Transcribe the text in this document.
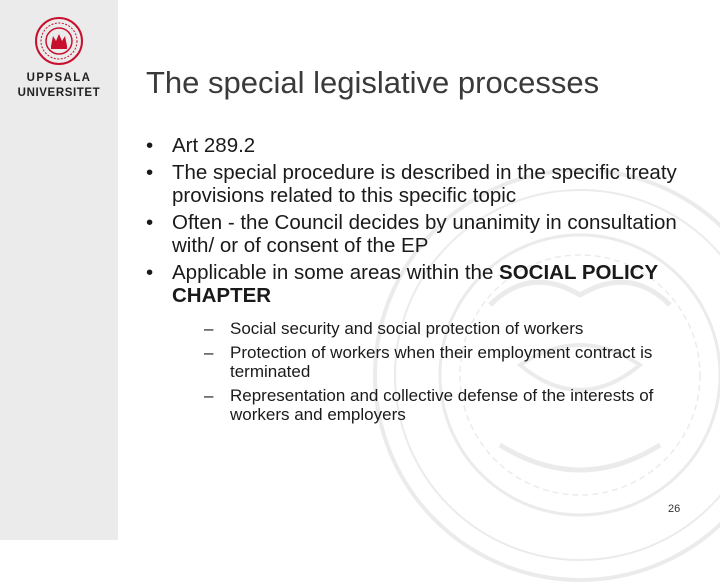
UPPSALA
UNIVERSITET	The special legislative processes
• Art 289.2
• The special procedure is described in the specific treaty provisions related to this specific topic
• Often - the Council decides by unanimity in consultation with/ or of consent of the EP
• Applicable in some areas within the SOCIAL POLICY CHAPTER
– Social security and social protection of workers
– Protection of workers when their employment contract is terminated
– Representation and collective defense of the interests of workers and employers
26
